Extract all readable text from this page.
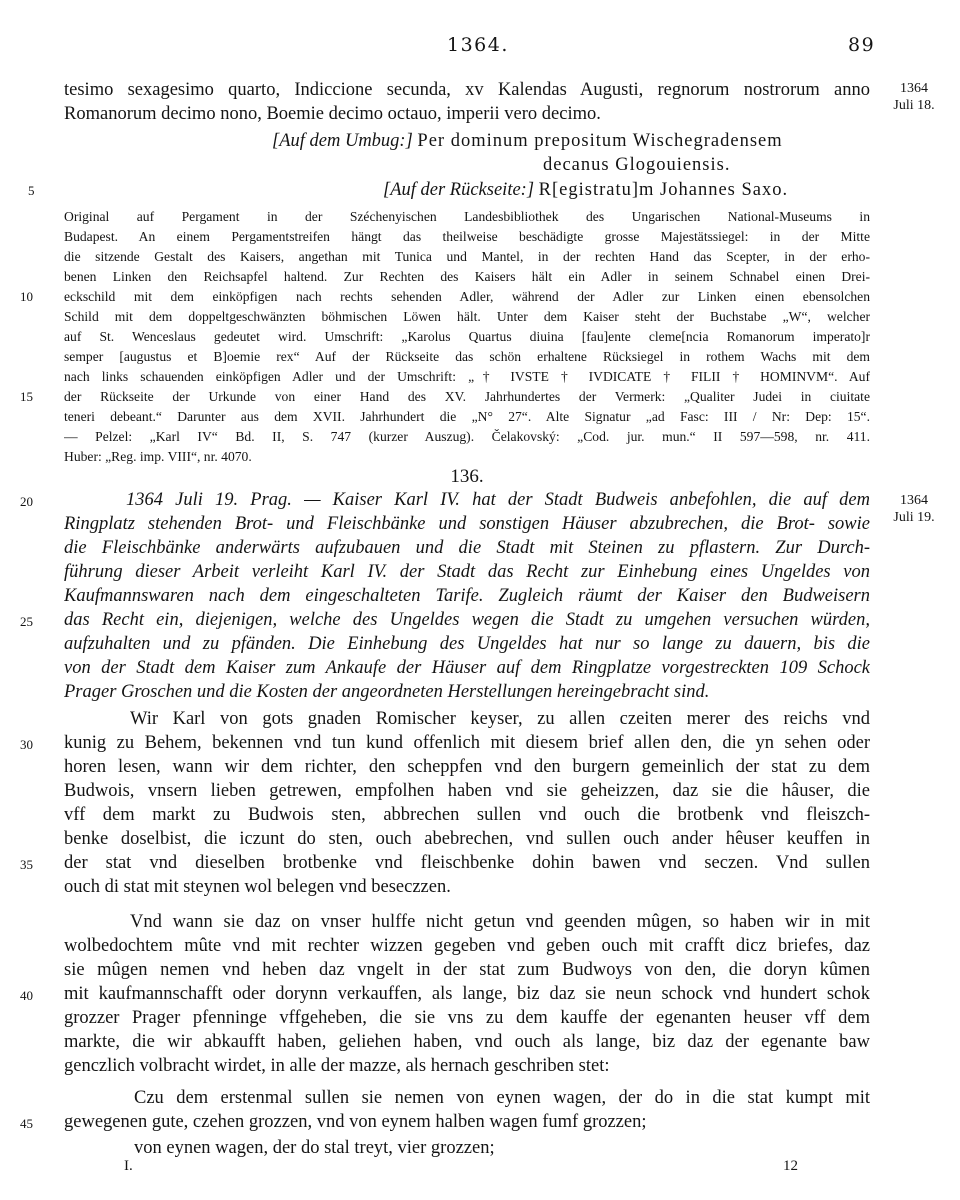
1364.	89
1364
Juli 18.
tesimo sexagesimo quarto, Indiccione secunda, xv Kalendas Augusti, regnorum nostrorum anno
Romanorum decimo nono, Boemie decimo octauo, imperii vero decimo.
[Auf dem Umbug:] Per dominum prepositum Wischegradensem
decanus Glogouiensis.
[Auf der Rückseite:] R[egistratu]m Johannes Saxo.
Original auf Pergament in der Széchenyischen Landesbibliothek des Ungarischen National-Museums in
Budapest. An einem Pergamentstreifen hängt das theilweise beschädigte grosse Majestätssiegel: in der Mitte
die sitzende Gestalt des Kaisers, angethan mit Tunica und Mantel, in der rechten Hand das Scepter, in der erho-
benen Linken den Reichsapfel haltend. Zur Rechten des Kaisers hält ein Adler in seinem Schnabel einen Drei-
eckschild mit dem einköpfigen nach rechts sehenden Adler, während der Adler zur Linken einen ebensolchen
Schild mit dem doppeltgeschwänzten böhmischen Löwen hält. Unter dem Kaiser steht der Buchstabe „W“, welcher
auf St. Wenceslaus gedeutet wird. Umschrift: „Karolus Quartus diuina [fau]ente cleme[ncia Romanorum imperato]r
semper [augustus et B]oemie rex“ Auf der Rückseite das schön erhaltene Rücksiegel in rothem Wachs mit dem
nach links schauenden einköpfigen Adler und der Umschrift: „† IVSTE † IVDICATE † FILII † HOMINVM“. Auf
der Rückseite der Urkunde von einer Hand des XV. Jahrhundertes der Vermerk: „Qualiter Judei in ciuitate
teneri debeant.“ Darunter aus dem XVII. Jahrhundert die „N° 27“. Alte Signatur „ad Fasc: III / Nr: Dep: 15“.
— Pelzel: „Karl IV“ Bd. II, S. 747 (kurzer Auszug). Čelakovský: „Cod. jur. mun.“ II 597—598, nr. 411.
Huber: „Reg. imp. VIII“, nr. 4070.
136.
1364
Juli 19.
1364 Juli 19. Prag. — Kaiser Karl IV. hat der Stadt Budweis anbefohlen, die auf dem
Ringplatz stehenden Brot- und Fleischbänke und sonstigen Häuser abzubrechen, die Brot- sowie
die Fleischbänke anderwärts aufzubauen und die Stadt mit Steinen zu pflastern. Zur Durch-
führung dieser Arbeit verleiht Karl IV. der Stadt das Recht zur Einhebung eines Ungeldes von
Kaufmannswaren nach dem eingeschalteten Tarife. Zugleich räumt der Kaiser den Budweisern
das Recht ein, diejenigen, welche des Ungeldes wegen die Stadt zu umgehen versuchen würden,
aufzuhalten und zu pfänden. Die Einhebung des Ungeldes hat nur so lange zu dauern, bis die
von der Stadt dem Kaiser zum Ankaufe der Häuser auf dem Ringplatze vorgestreckten 109 Schock
Prager Groschen und die Kosten der angeordneten Herstellungen hereingebracht sind.
Wir Karl von gots gnaden Romischer keyser, zu allen czeiten merer des reichs vnd
kunig zu Behem, bekennen vnd tun kund offenlich mit diesem brief allen den, die yn sehen oder
horen lesen, wann wir dem richter, den scheppfen vnd den burgern gemeinlich der stat zu dem
Budwois, vnsern lieben getrewen, empfolhen haben vnd sie geheizzen, daz sie die hâuser, die
vff dem markt zu Budwois sten, abbrechen sullen vnd ouch die brotbenk vnd fleiszch-
benke doselbist, die iczunt do sten, ouch abebrechen, vnd sullen ouch ander hêuser keuffen in
der stat vnd dieselben brotbenke vnd fleischbenke dohin bawen vnd seczen. Vnd sullen
ouch di stat mit steynen wol belegen vnd beseczzen.
Vnd wann sie daz on vnser hulffe nicht getun vnd geenden mûgen, so haben wir in mit
wolbedochtem mûte vnd mit rechter wizzen gegeben vnd geben ouch mit crafft dicz briefes, daz
sie mûgen nemen vnd heben daz vngelt in der stat zum Budwoys von den, die doryn kûmen
mit kaufmannschafft oder dorynn verkauffen, als lange, biz daz sie neun schock vnd hundert schok
grozzer Prager pfenninge vffgeheben, die sie vns zu dem kauffe der egenanten heuser vff dem
markte, die wir abkaufft haben, geliehen haben, vnd ouch als lange, biz daz der egenante baw
genczlich volbracht wirdet, in alle der mazze, als hernach geschriben stet:
Czu dem erstenmal sullen sie nemen von eynen wagen, der do in die stat kumpt mit
gewegenen gute, czehen grozzen, vnd von eynem halben wagen fumf grozzen;
von eynen wagen, der do stal treyt, vier grozzen;
5
10
15
20
25
30
35
40
45
I.	12
